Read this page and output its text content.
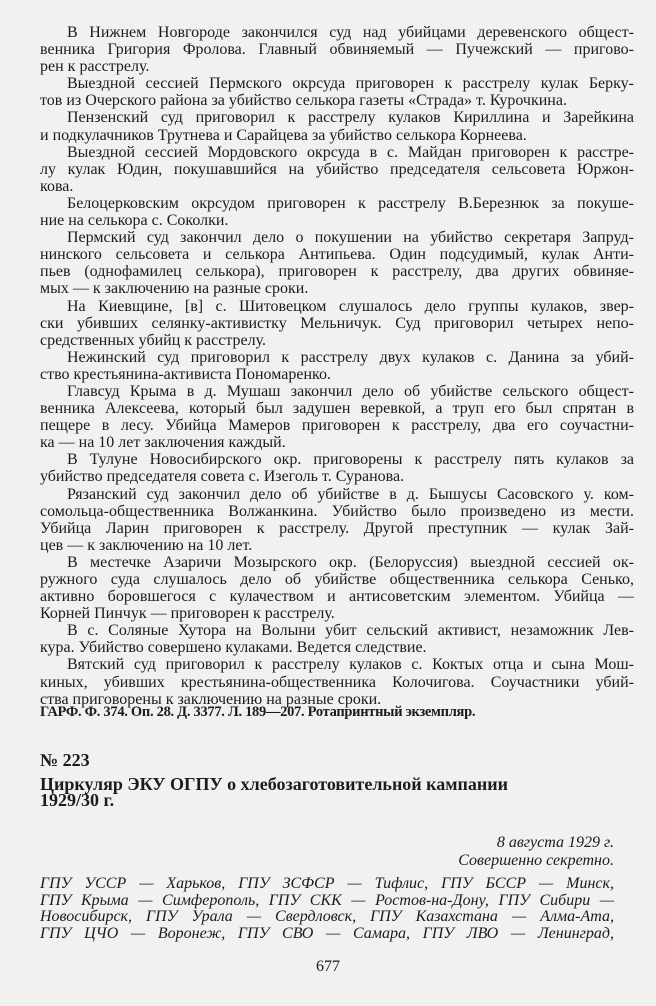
В Нижнем Новгороде закончился суд над убийцами деревенского общест-
венника Григория Фролова. Главный обвиняемый — Пучежский — пригово-
рен к расстрелу.
Выездной сессией Пермского окрсуда приговорен к расстрелу кулак Берку-
тов из Очерского района за убийство селькора газеты «Страда» т. Курочкина.
Пензенский суд приговорил к расстрелу кулаков Кириллина и Зарейкина
и подкулачников Трутнева и Сарайцева за убийство селькора Корнеева.
Выездной сессией Мордовского окрсуда в с. Майдан приговорен к расстре-
лу кулак Юдин, покушавшийся на убийство председателя сельсовета Юржон-
кова.
Белоцерковским окрсудом приговорен к расстрелу В.Березнюк за покуше-
ние на селькора с. Соколки.
Пермский суд закончил дело о покушении на убийство секретаря Запруд-
нинского сельсовета и селькора Антипьева. Один подсудимый, кулак Анти-
пьев (однофамилец селькора), приговорен к расстрелу, два других обвиняе-
мых — к заключению на разные сроки.
На Киевщине, [в] с. Шитовецком слушалось дело группы кулаков, звер-
ски убивших селянку-активистку Мельничук. Суд приговорил четырех непо-
средственных убийц к расстрелу.
Нежинский суд приговорил к расстрелу двух кулаков с. Данина за убий-
ство крестьянина-активиста Пономаренко.
Главсуд Крыма в д. Мушаш закончил дело об убийстве сельского общест-
венника Алексеева, который был задушен веревкой, а труп его был спрятан в
пещере в лесу. Убийца Мамеров приговорен к расстрелу, два его соучастни-
ка — на 10 лет заключения каждый.
В Тулуне Новосибирского окр. приговорены к расстрелу пять кулаков за
убийство председателя совета с. Изеголь т. Суранова.
Рязанский суд закончил дело об убийстве в д. Бышусы Сасовского у. ком-
сомольца-общественника Волжанкина. Убийство было произведено из мести.
Убийца Ларин приговорен к расстрелу. Другой преступник — кулак Зай-
цев — к заключению на 10 лет.
В местечке Азаричи Мозырского окр. (Белоруссия) выездной сессией ок-
ружного суда слушалось дело об убийстве общественника селькора Сенько,
активно боровшегося с кулачеством и антисоветским элементом. Убийца —
Корней Пинчук — приговорен к расстрелу.
В с. Соляные Хутора на Волыни убит сельский активист, незаможник Лев-
кура. Убийство совершено кулаками. Ведется следствие.
Вятский суд приговорил к расстрелу кулаков с. Коктых отца и сына Мош-
киных, убивших крестьянина-общественника Колочигова. Соучастники убий-
ства приговорены к заключению на разные сроки.
ГАРФ. Ф. 374. Оп. 28. Д. 3377. Л. 189—207. Ротапринтный экземпляр.
№ 223
Циркуляр ЭКУ ОГПУ о хлебозаготовительной кампании
1929/30 г.
8 августа 1929 г.
Совершенно секретно.
ГПУ УССР — Харьков, ГПУ ЗСФСР — Тифлис, ГПУ БССР — Минск,
ГПУ Крыма — Симферополь, ГПУ СКК — Ростов-на-Дону, ГПУ Сибири —
Новосибирск, ГПУ Урала — Свердловск, ГПУ Казахстана — Алма-Ата,
ГПУ ЦЧО — Воронеж, ГПУ СВО — Самара, ГПУ ЛВО — Ленинград,
677
